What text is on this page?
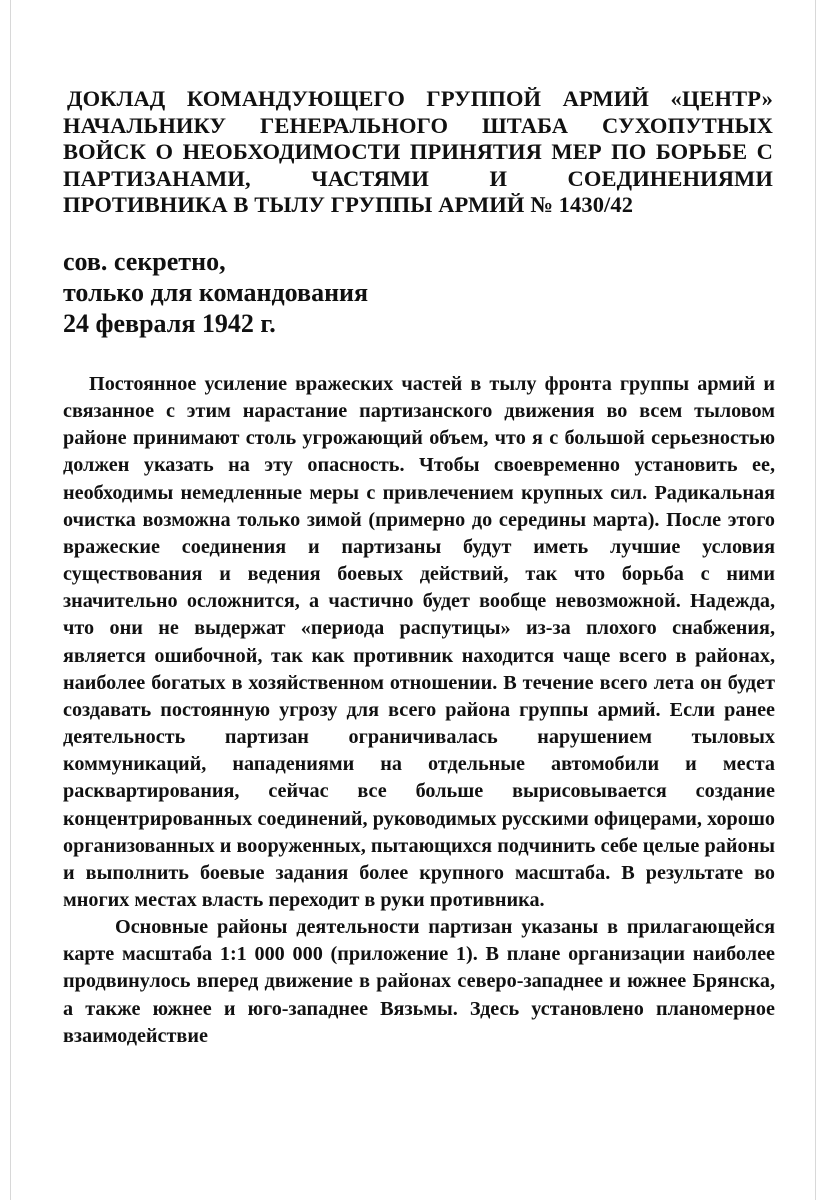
ДОКЛАД КОМАНДУЮЩЕГО ГРУППОЙ АРМИЙ «ЦЕНТР» НАЧАЛЬНИКУ ГЕНЕРАЛЬНОГО ШТАБА СУХОПУТНЫХ ВОЙСК О НЕОБХОДИМОСТИ ПРИНЯТИЯ МЕР ПО БОРЬБЕ С ПАРТИЗАНАМИ, ЧАСТЯМИ И СОЕДИНЕНИЯМИ ПРОТИВНИКА В ТЫЛУ ГРУППЫ АРМИЙ № 1430/42
сов. секретно,
только для командования
24 февраля 1942 г.

Постоянное усиление вражеских частей в тылу фронта группы армий и связанное с этим нарастание партизанского движения во всем тыловом районе принимают столь угрожающий объем, что я с большой серьезностью должен указать на эту опасность. Чтобы своевременно установить ее, необходимы немедленные меры с привлечением крупных сил. Радикальная очистка возможна только зимой (примерно до середины марта). После этого вражеские соединения и партизаны будут иметь лучшие условия существования и ведения боевых действий, так что борьба с ними значительно осложнится, а частично будет вообще невозможной. Надежда, что они не выдержат «периода распутицы» из-за плохого снабжения, является ошибочной, так как противник находится чаще всего в районах, наиболее богатых в хозяйственном отношении. В течение всего лета он будет создавать постоянную угрозу для всего района группы армий. Если ранее деятельность партизан ограничивалась нарушением тыловых коммуникаций, нападениями на отдельные автомобили и места расквартирования, сейчас все больше вырисовывается создание концентрированных соединений, руководимых русскими офицерами, хорошо организованных и вооруженных, пытающихся подчинить себе целые районы и выполнить боевые задания более крупного масштаба. В результате во многих местах власть переходит в руки противника.

Основные районы деятельности партизан указаны в прилагающейся карте масштаба 1:1 000 000 (приложение 1). В плане организации наиболее продвинулось вперед движение в районах северо-западнее и южнее Брянска, а также южнее и юго-западнее Вязьмы. Здесь установлено планомерное взаимодействие
